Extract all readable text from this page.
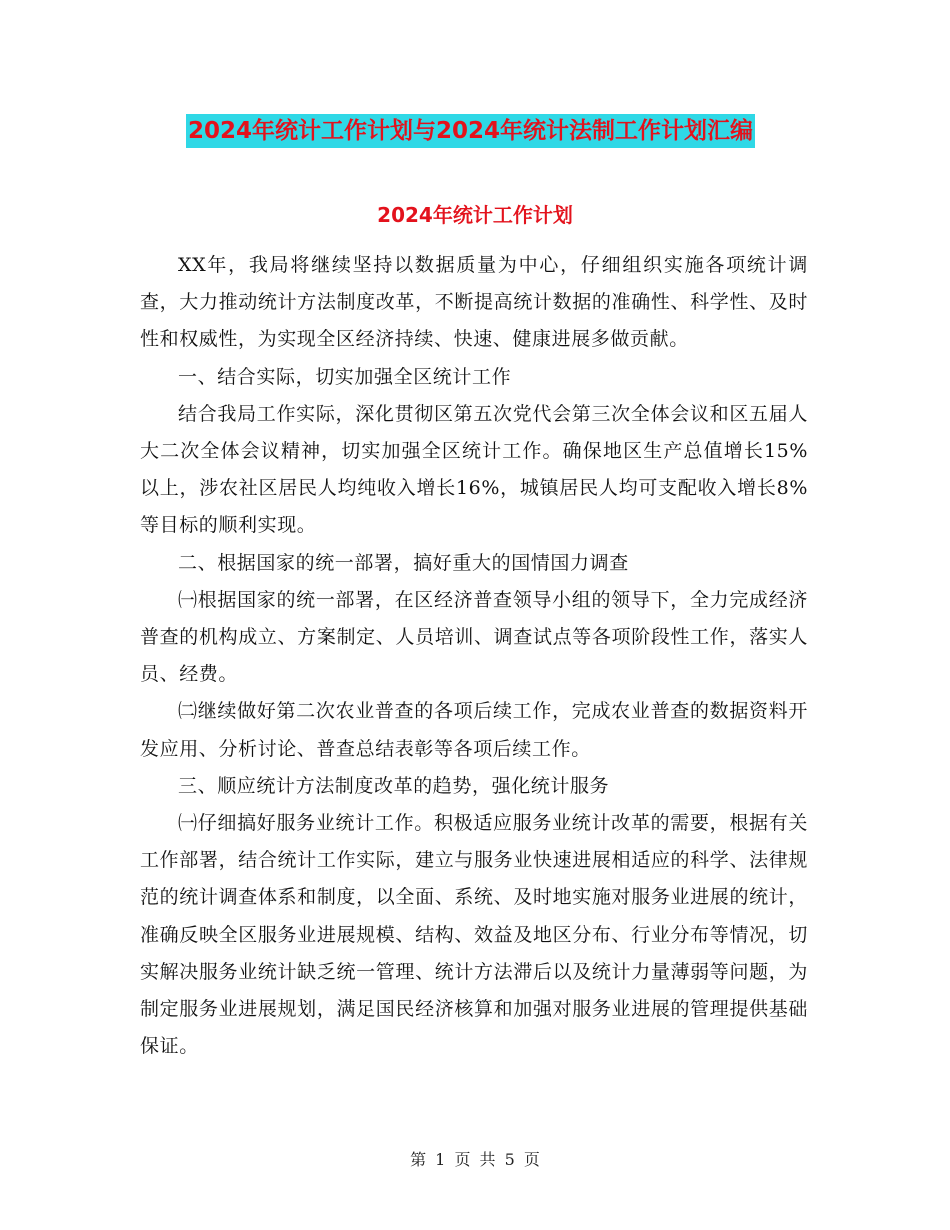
2024年统计工作计划与2024年统计法制工作计划汇编
2024年统计工作计划

XX年，我局将继续坚持以数据质量为中心，仔细组织实施各项统计调查，大力推动统计方法制度改革，不断提高统计数据的准确性、科学性、及时性和权威性，为实现全区经济持续、快速、健康进展多做贡献。

一、结合实际，切实加强全区统计工作

结合我局工作实际，深化贯彻区第五次党代会第三次全体会议和区五届人大二次全体会议精神，切实加强全区统计工作。确保地区生产总值增长15%以上，涉农社区居民人均纯收入增长16%，城镇居民人均可支配收入增长8%等目标的顺利实现。

二、根据国家的统一部署，搞好重大的国情国力调查

㈠根据国家的统一部署，在区经济普查领导小组的领导下，全力完成经济普查的机构成立、方案制定、人员培训、调查试点等各项阶段性工作，落实人员、经费。

㈡继续做好第二次农业普查的各项后续工作，完成农业普查的数据资料开发应用、分析讨论、普查总结表彰等各项后续工作。

三、顺应统计方法制度改革的趋势，强化统计服务

㈠仔细搞好服务业统计工作。积极适应服务业统计改革的需要，根据有关工作部署，结合统计工作实际，建立与服务业快速进展相适应的科学、法律规范的统计调查体系和制度，以全面、系统、及时地实施对服务业进展的统计，准确反映全区服务业进展规模、结构、效益及地区分布、行业分布等情况，切实解决服务业统计缺乏统一管理、统计方法滞后以及统计力量薄弱等问题，为制定服务业进展规划，满足国民经济核算和加强对服务业进展的管理提供基础保证。

第 1 页 共 5 页
